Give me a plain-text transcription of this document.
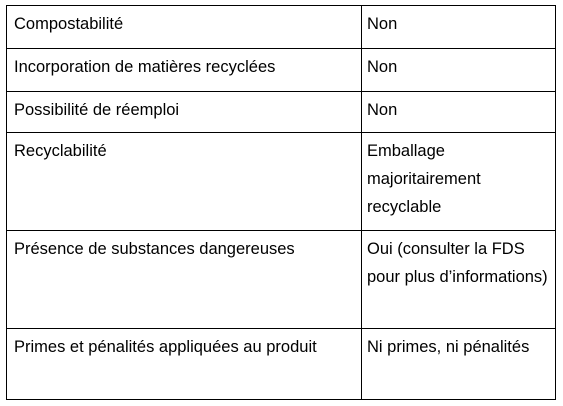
Compostabilité	Non
Incorporation de matières recyclées	Non
Possibilité de réemploi	Non
Recyclabilité	Emballage majoritairement recyclable
Présence de substances dangereuses	Oui (consulter la FDS pour plus d’informations)
Primes et pénalités appliquées au produit	Ni primes, ni pénalités
